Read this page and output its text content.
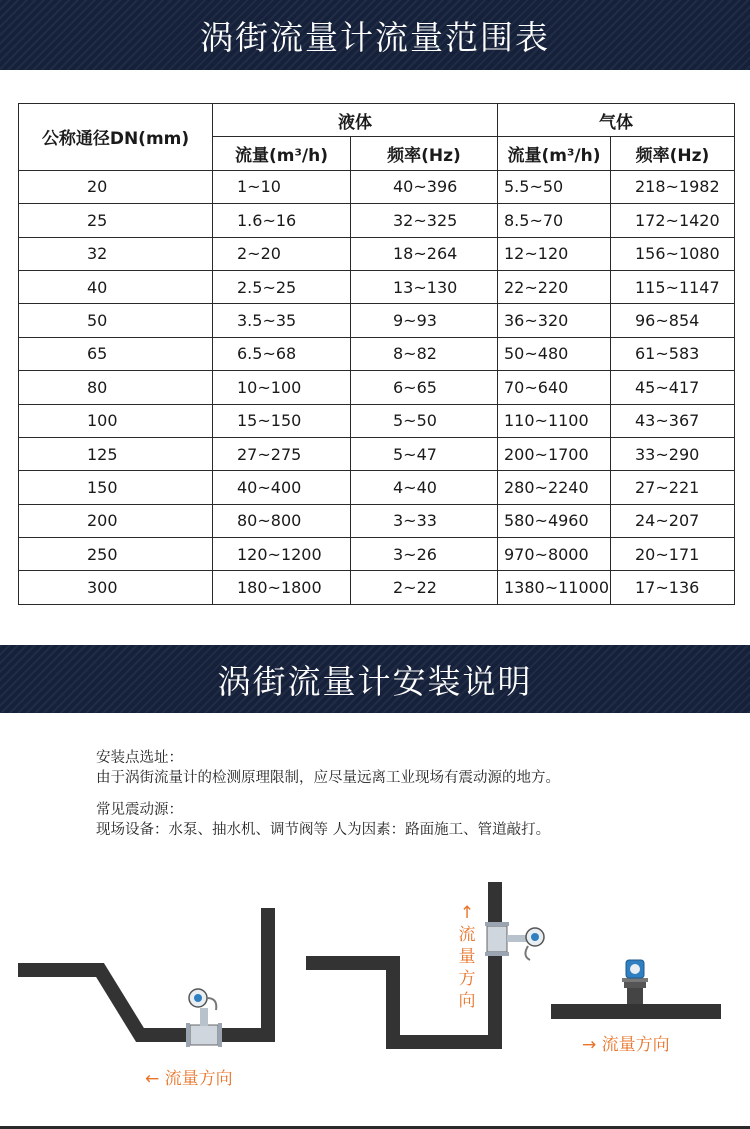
涡街流量计流量范围表
公称通径DN(mm)	液体		气体	
	流量(m³/h)	频率(Hz)	流量(m³/h)	频率(Hz)
20	1~10	40~396	5.5~50	218~1982
25	1.6~16	32~325	8.5~70	172~1420
32	2~20	18~264	12~120	156~1080
40	2.5~25	13~130	22~220	115~1147
50	3.5~35	9~93	36~320	96~854
65	6.5~68	8~82	50~480	61~583
80	10~100	6~65	70~640	45~417
100	15~150	5~50	110~1100	43~367
125	27~275	5~47	200~1700	33~290
150	40~400	4~40	280~2240	27~221
200	80~800	3~33	580~4960	24~207
250	120~1200	3~26	970~8000	20~171
300	180~1800	2~22	1380~11000	17~136
涡街流量计安装说明
安装点选址：
由于涡街流量计的检测原理限制，应尽量远离工业现场有震动源的地方。
常见震动源：
现场设备：水泵、抽水机、调节阀等 人为因素：路面施工、管道敲打。
← 流量方向
↑
流
量
方
向
→ 流量方向
